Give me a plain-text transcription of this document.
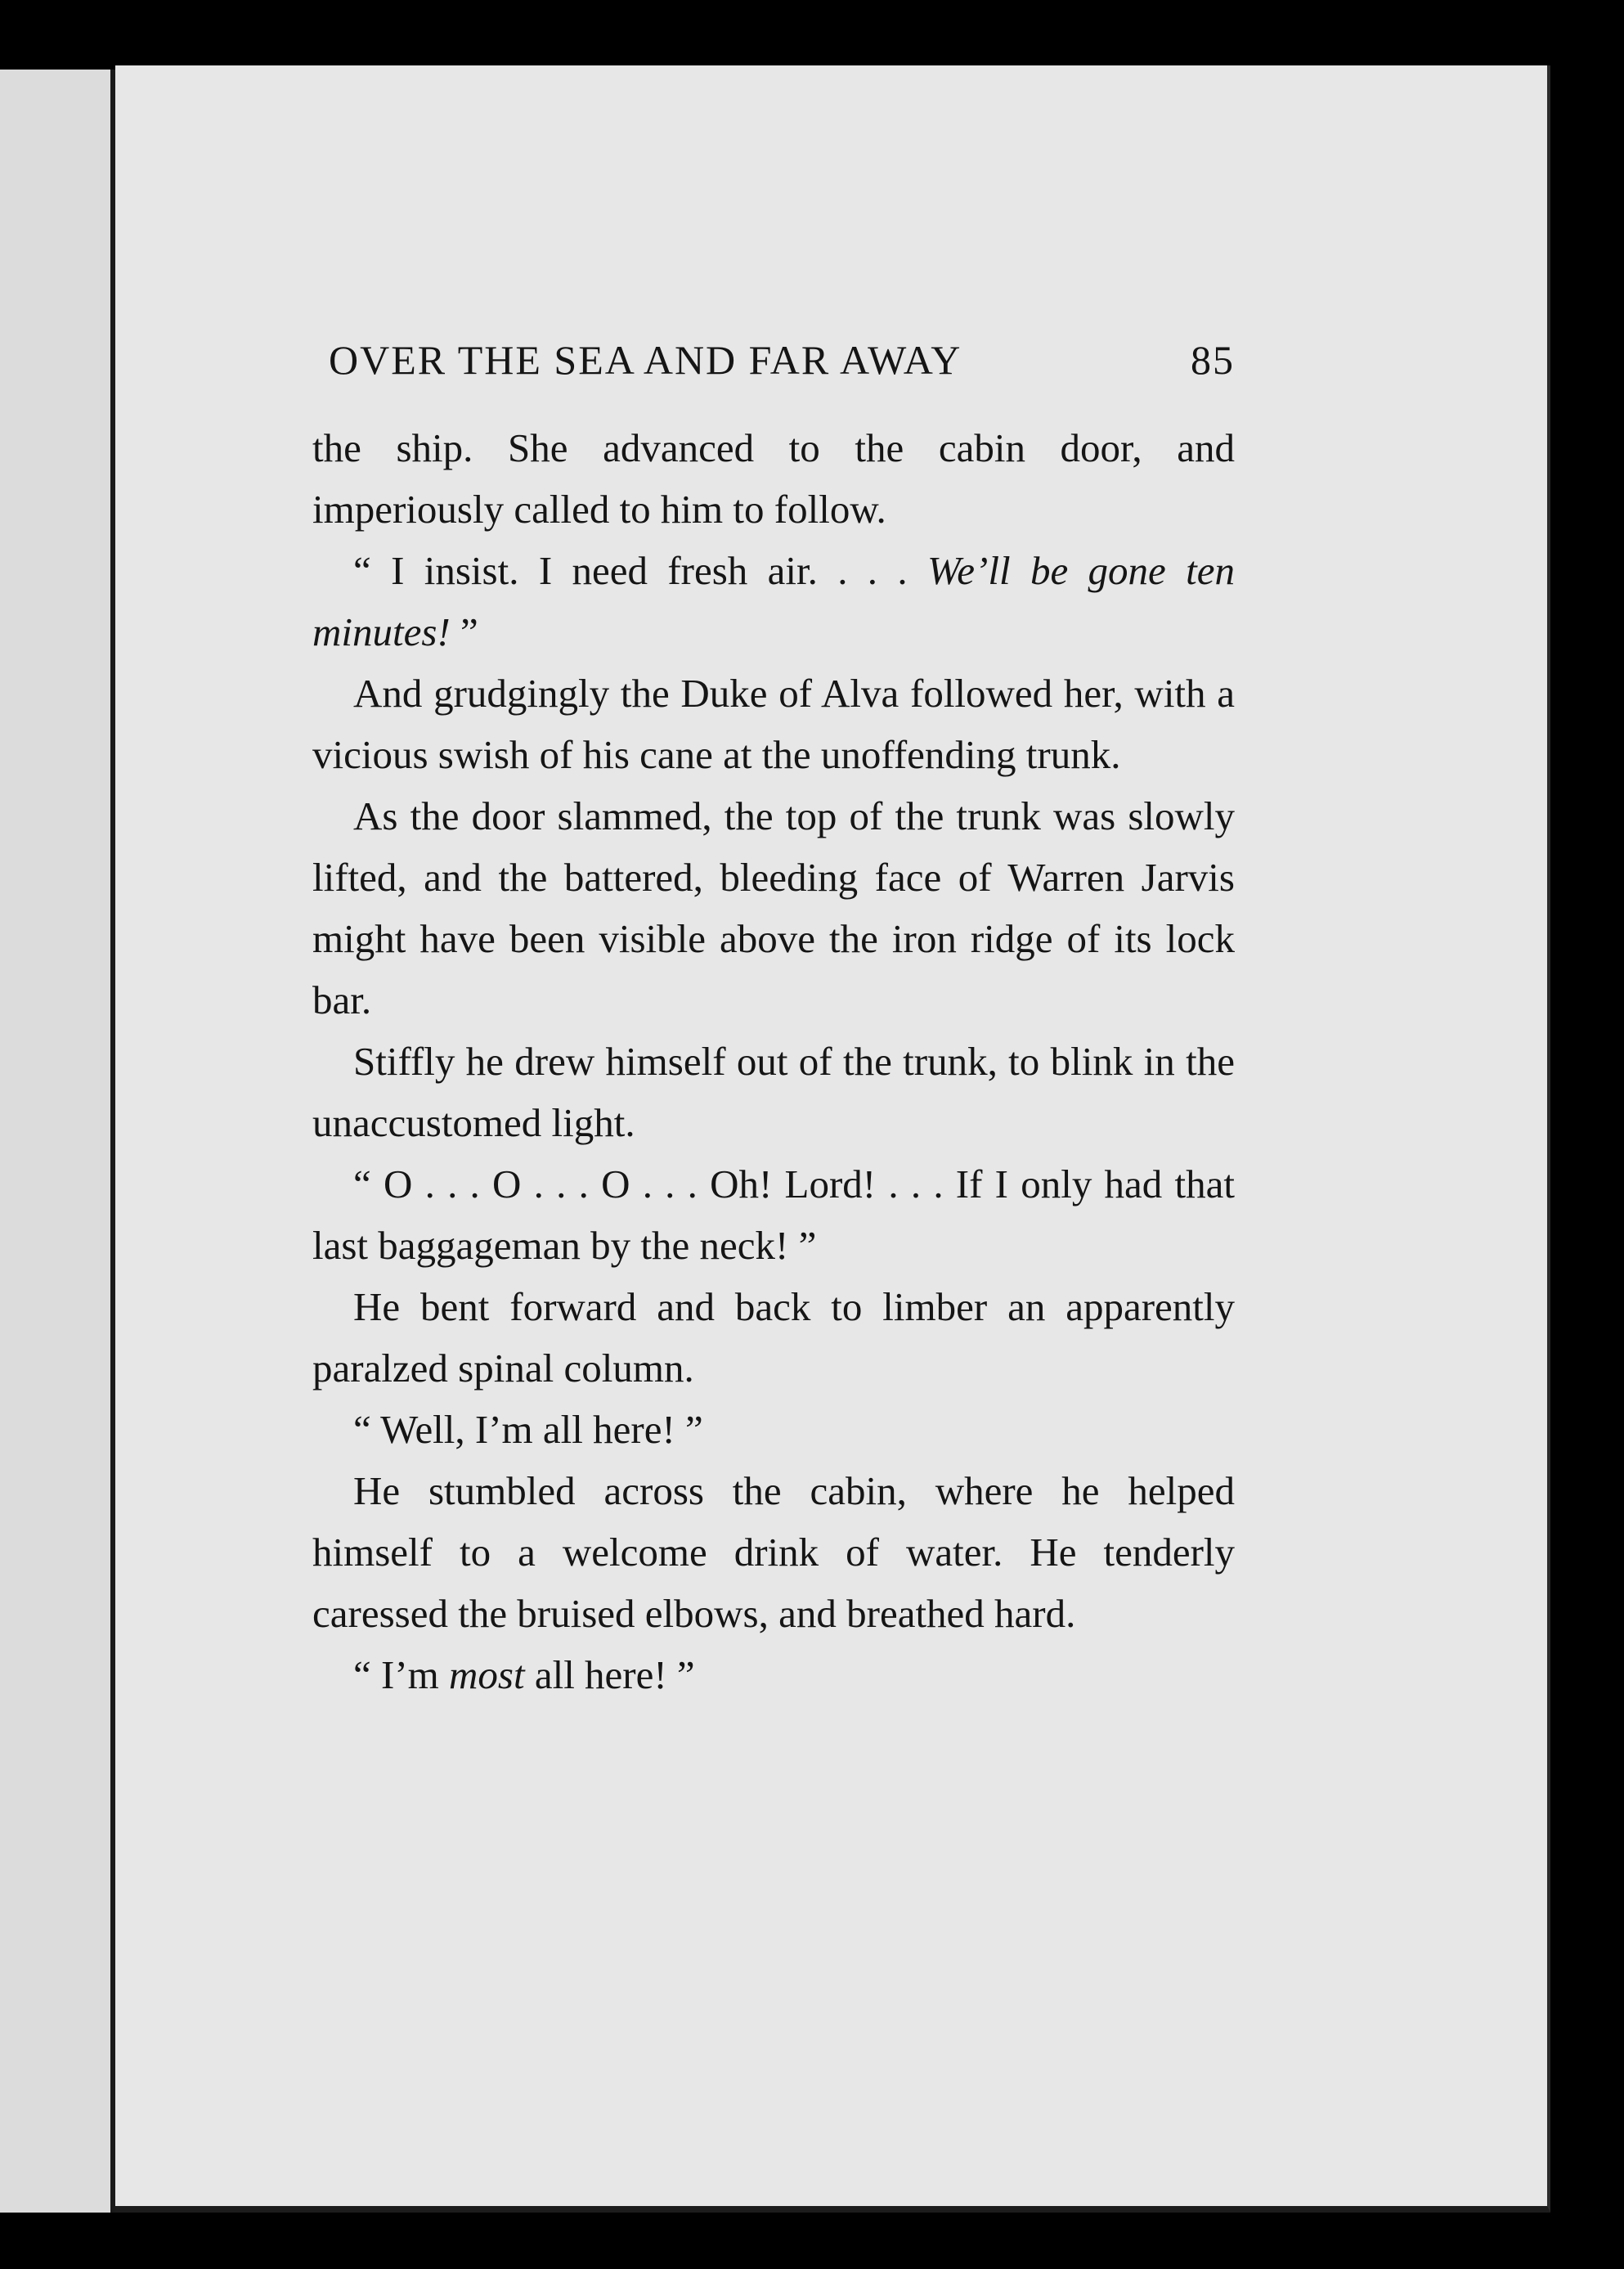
OVER THE SEA AND FAR AWAY	85

the ship. She advanced to the cabin door, and imperiously called to him to follow.

“ I insist. I need fresh air. . . . We’ll be gone ten minutes! ”

And grudgingly the Duke of Alva followed her, with a vicious swish of his cane at the unoffending trunk.

As the door slammed, the top of the trunk was slowly lifted, and the battered, bleeding face of Warren Jarvis might have been visible above the iron ridge of its lock bar.

Stiffly he drew himself out of the trunk, to blink in the unaccustomed light.

“ O . . . O . . . O . . . Oh! Lord! . . . If I only had that last baggageman by the neck! ”

He bent forward and back to limber an apparently paralzed spinal column.

“ Well, I’m all here! ”

He stumbled across the cabin, where he helped himself to a welcome drink of water. He tenderly caressed the bruised elbows, and breathed hard.

“ I’m most all here! ”
